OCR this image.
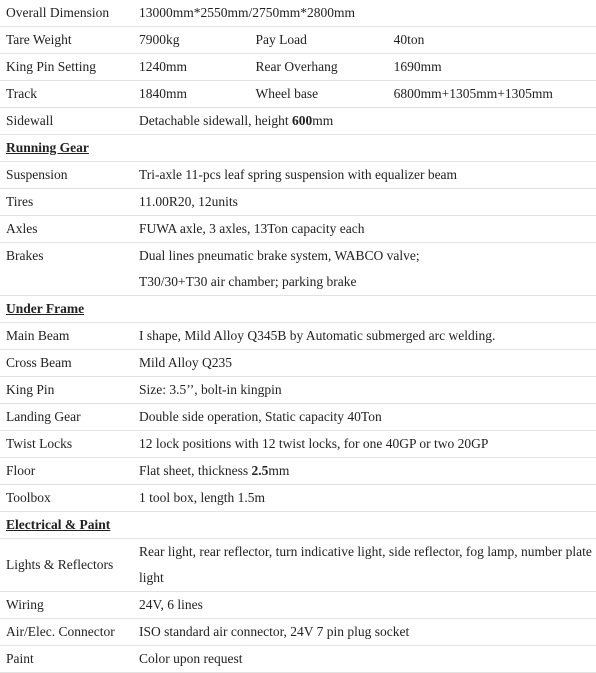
Overall Dimension	13000mm*2550mm/2750mm*2800mm		
Tare Weight	7900kg	Pay Load	40ton
King Pin Setting	1240mm	Rear Overhang	1690mm
Track	1840mm	Wheel base	6800mm+1305mm+1305mm
Sidewall	Detachable sidewall, height 600mm		
Running Gear			
Suspension	Tri-axle 11-pcs leaf spring suspension with equalizer beam		
Tires	11.00R20, 12units		
Axles	FUWA axle, 3 axles, 13Ton capacity each		
Brakes	Dual lines pneumatic brake system, WABCO valve;		
	T30/30+T30 air chamber; parking brake		
Under Frame			
Main Beam	I shape, Mild Alloy Q345B by Automatic submerged arc welding.		
Cross Beam	Mild Alloy Q235		
King Pin	Size: 3.5’’, bolt-in kingpin		
Landing Gear	Double side operation, Static capacity 40Ton		
Twist Locks	12 lock positions with 12 twist locks, for one 40GP or two 20GP		
Floor	Flat sheet, thickness 2.5mm		
Toolbox	1 tool box, length 1.5m		
Electrical & Paint			
Lights & Reflectors	Rear light, rear reflector, turn indicative light, side reflector, fog lamp, number plate light		
Wiring	24V, 6 lines		
Air/Elec. Connector	ISO standard air connector, 24V 7 pin plug socket		
Paint	Color upon request		
